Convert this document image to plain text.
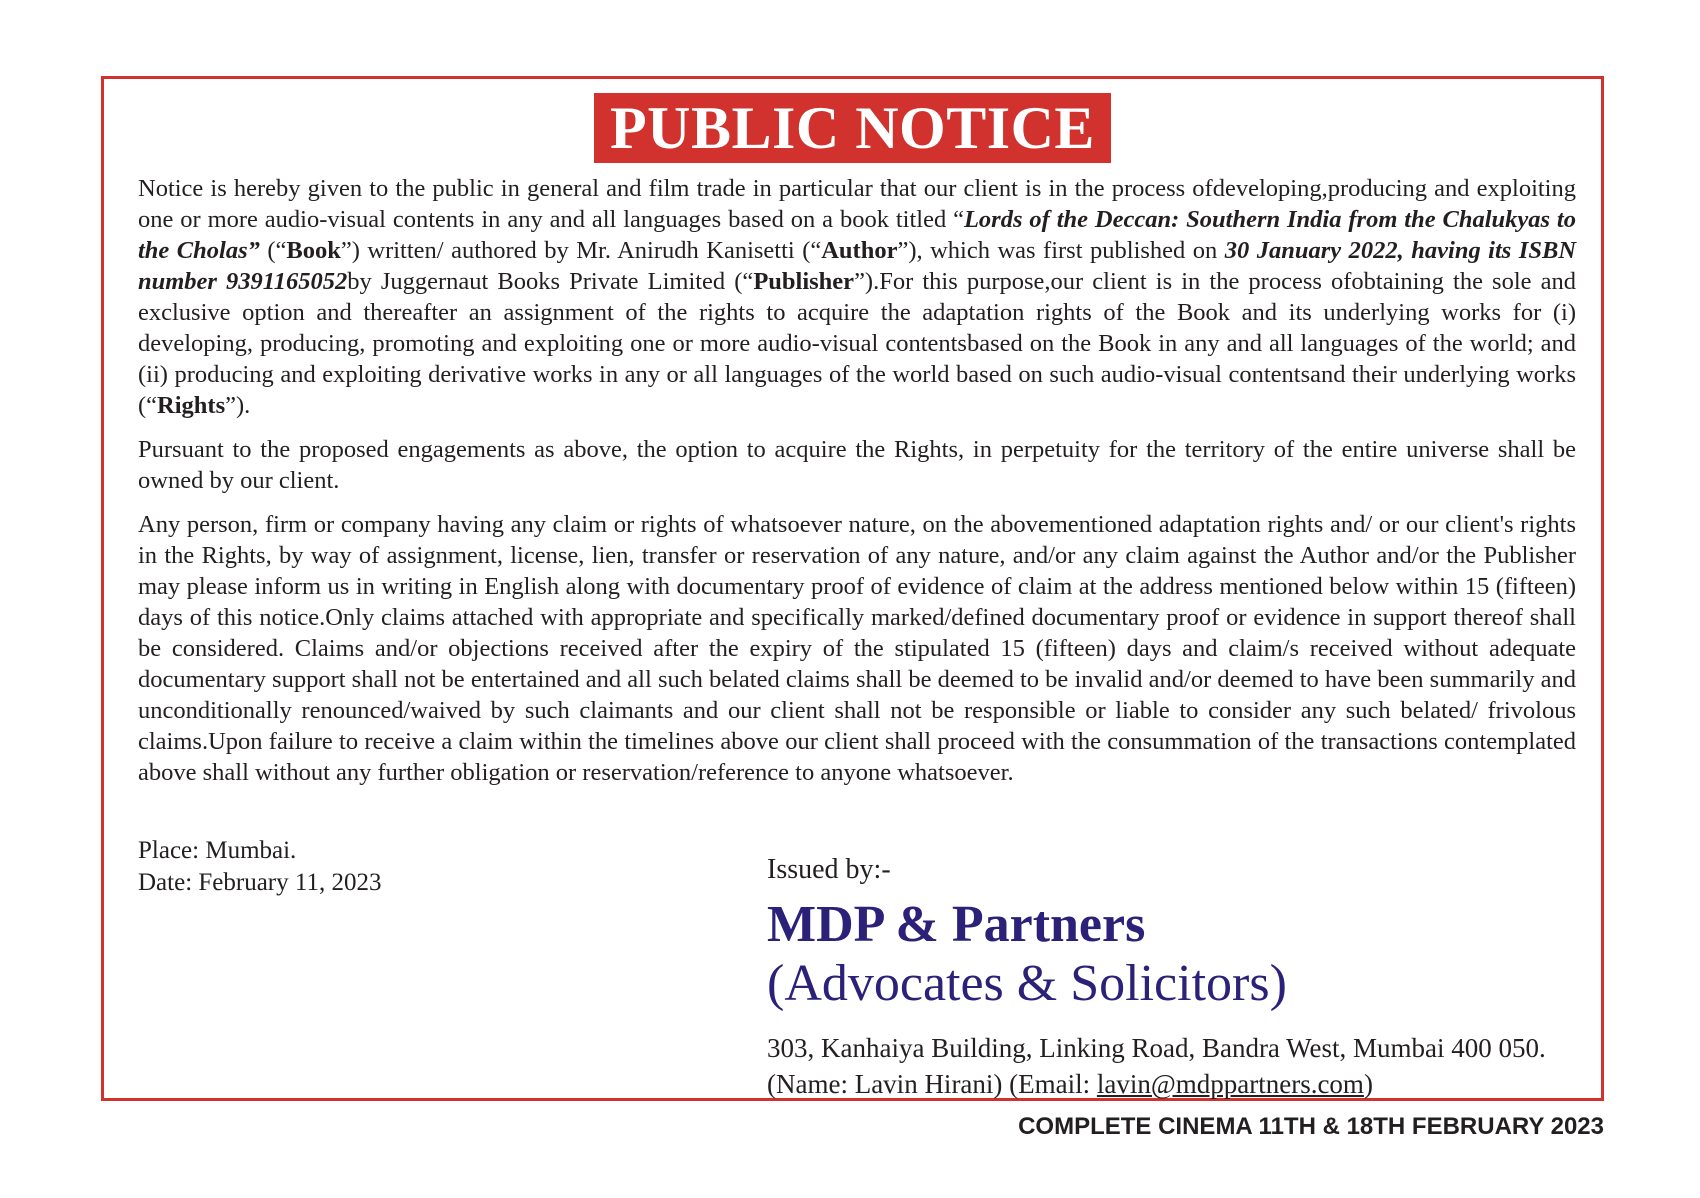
PUBLIC NOTICE

Notice is hereby given to the public in general and film trade in particular that our client is in the process ofdeveloping,producing and exploiting one or more audio-visual contents in any and all languages based on a book titled “Lords of the Deccan: Southern India from the Chalukyas to the Cholas” (“Book”) written/ authored by Mr. Anirudh Kanisetti (“Author”), which was first published on 30 January 2022, having its ISBN number 9391165052by Juggernaut Books Private Limited (“Publisher”).For this purpose,our client is in the process ofobtaining the sole and exclusive option and thereafter an assignment of the rights to acquire the adaptation rights of the Book and its underlying works for (i) developing, producing, promoting and exploiting one or more audio-visual contentsbased on the Book in any and all languages of the world; and (ii) producing and exploiting derivative works in any or all languages of the world based on such audio-visual contentsand their underlying works (“Rights”).

Pursuant to the proposed engagements as above, the option to acquire the Rights, in perpetuity for the territory of the entire universe shall be owned by our client.

Any person, firm or company having any claim or rights of whatsoever nature, on the abovementioned adaptation rights and/ or our client's rights in the Rights, by way of assignment, license, lien, transfer or reservation of any nature, and/or any claim against the Author and/or the Publisher may please inform us in writing in English along with documentary proof of evidence of claim at the address mentioned below within 15 (fifteen) days of this notice.Only claims attached with appropriate and specifically marked/defined documentary proof or evidence in support thereof shall be considered. Claims and/or objections received after the expiry of the stipulated 15 (fifteen) days and claim/s received without adequate documentary support shall not be entertained and all such belated claims shall be deemed to be invalid and/or deemed to have been summarily and unconditionally renounced/waived by such claimants and our client shall not be responsible or liable to consider any such belated/ frivolous claims.Upon failure to receive a claim within the timelines above our client shall proceed with the consummation of the transactions contemplated above shall without any further obligation or reservation/reference to anyone whatsoever.

Place: Mumbai.
Date: February 11, 2023	Issued by:-
MDP & Partners
(Advocates & Solicitors)
303, Kanhaiya Building, Linking Road, Bandra West, Mumbai 400 050.
(Name: Lavin Hirani) (Email: lavin@mdppartners.com)
COMPLETE CINEMA 11TH & 18TH FEBRUARY 2023
